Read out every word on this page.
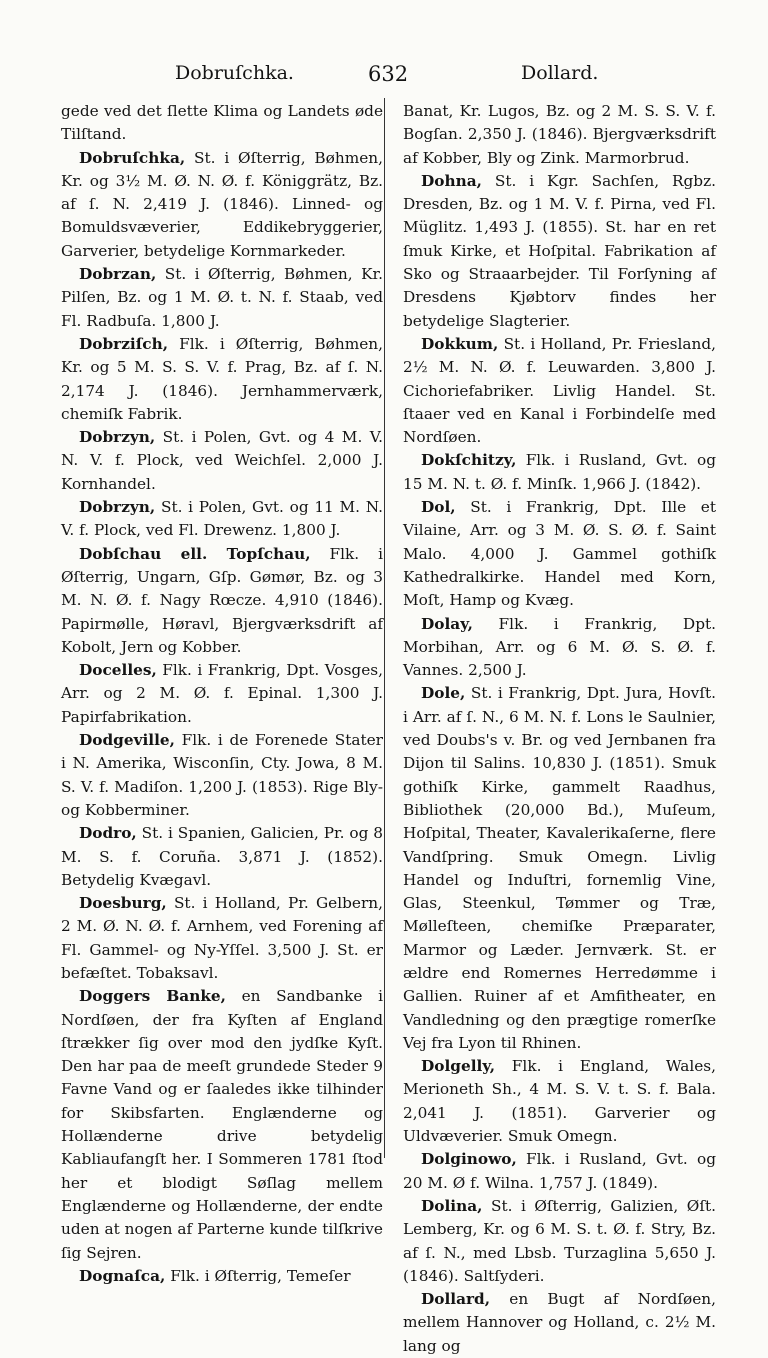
Dobruſchka.	632	Dollard.

gede ved det ſlette Klima og Landets øde Tilſtand.

Dobruſchka, St. i Øſterrig, Bøhmen, Kr. og 3½ M. Ø. N. Ø. f. Königgrätz, Bz. af ſ. N. 2,419 J. (1846). Linned- og Bomuldsvæverier, Eddikebryggerier, Garverier, betydelige Kornmarkeder.

Dobrzan, St. i Øſterrig, Bøhmen, Kr. Pilſen, Bz. og 1 M. Ø. t. N. f. Staab, ved Fl. Radbuſa. 1,800 J.

Dobrziſch, Flk. i Øſterrig, Bøhmen, Kr. og 5 M. S. S. V. f. Prag, Bz. af ſ. N. 2,174 J. (1846). Jernhammerværk, chemiſk Fabrik.

Dobrzyn, St. i Polen, Gvt. og 4 M. V. N. V. f. Plock, ved Weichſel. 2,000 J. Kornhandel.

Dobrzyn, St. i Polen, Gvt. og 11 M. N. V. f. Plock, ved Fl. Drewenz. 1,800 J.

Dobſchau ell. Topſchau, Flk. i Øſterrig, Ungarn, Gſp. Gømør, Bz. og 3 M. N. Ø. f. Nagy Rœcze. 4,910 (1846). Papirmølle, Høravl, Bjergværksdrift af Kobolt, Jern og Kobber.

Docelles, Flk. i Frankrig, Dpt. Vosges, Arr. og 2 M. Ø. f. Epinal. 1,300 J. Papirfabrikation.

Dodgeville, Flk. i de Forenede Stater i N. Amerika, Wisconſin, Cty. Jowa, 8 M. S. V. f. Madiſon. 1,200 J. (1853). Rige Bly- og Kobberminer.

Dodro, St. i Spanien, Galicien, Pr. og 8 M. S. f. Coruña. 3,871 J. (1852). Betydelig Kvægavl.

Doesburg, St. i Holland, Pr. Gelbern, 2 M. Ø. N. Ø. f. Arnhem, ved Forening af Fl. Gammel- og Ny-Yſſel. 3,500 J. St. er befæſtet. Tobaksavl.

Doggers Banke, en Sandbanke i Nordſøen, der fra Kyſten af England ſtrækker ſig over mod den jydſke Kyſt. Den har paa de meeſt grundede Steder 9 Favne Vand og er ſaaledes ikke tilhinder for Skibsfarten. Englænderne og Hollænderne drive betydelig Kabliaufangſt her. I Sommeren 1781 ſtod her et blodigt Søſlag mellem Englænderne og Hollænderne, der endte uden at nogen af Parterne kunde tilſkrive ſig Sejren.

Dognaſca, Flk. i Øſterrig, Temeſer

Banat, Kr. Lugos, Bz. og 2 M. S. S. V. f. Bogſan. 2,350 J. (1846). Bjergværksdrift af Kobber, Bly og Zink. Marmorbrud.

Dohna, St. i Kgr. Sachſen, Rgbz. Dresden, Bz. og 1 M. V. f. Pirna, ved Fl. Müglitz. 1,493 J. (1855). St. har en ret ſmuk Kirke, et Hoſpital. Fabrikation af Sko og Straaarbejder. Til Forſyning af Dresdens Kjøbtorv findes her betydelige Slagterier.

Dokkum, St. i Holland, Pr. Friesland, 2½ M. N. Ø. f. Leuwarden. 3,800 J. Cichoriefabriker. Livlig Handel. St. ſtaaer ved en Kanal i Forbindelſe med Nordſøen.

Dokſchitzy, Flk. i Rusland, Gvt. og 15 M. N. t. Ø. f. Minſk. 1,966 J. (1842).

Dol, St. i Frankrig, Dpt. Ille et Vilaine, Arr. og 3 M. Ø. S. Ø. f. Saint Malo. 4,000 J. Gammel gothiſk Kathedralkirke. Handel med Korn, Moſt, Hamp og Kvæg.

Dolay, Flk. i Frankrig, Dpt. Morbihan, Arr. og 6 M. Ø. S. Ø. f. Vannes. 2,500 J.

Dole, St. i Frankrig, Dpt. Jura, Hovſt. i Arr. af ſ. N., 6 M. N. f. Lons le Saulnier, ved Doubs's v. Br. og ved Jernbanen fra Dijon til Salins. 10,830 J. (1851). Smuk gothiſk Kirke, gammelt Raadhus, Bibliothek (20,000 Bd.), Muſeum, Hoſpital, Theater, Kavalerikaſerne, flere Vandſpring. Smuk Omegn. Livlig Handel og Induſtri, fornemlig Vine, Glas, Steenkul, Tømmer og Træ, Mølleſteen, chemiſke Præparater, Marmor og Læder. Jernværk. St. er ældre end Romernes Herredømme i Gallien. Ruiner af et Amfitheater, en Vandledning og den prægtige romerſke Vej fra Lyon til Rhinen.

Dolgelly, Flk. i England, Wales, Merioneth Sh., 4 M. S. V. t. S. f. Bala. 2,041 J. (1851). Garverier og Uldvæverier. Smuk Omegn.

Dolginowo, Flk. i Rusland, Gvt. og 20 M. Ø f. Wilna. 1,757 J. (1849).

Dolina, St. i Øſterrig, Galizien, Øſt. Lemberg, Kr. og 6 M. S. t. Ø. f. Stry, Bz. af ſ. N., med Lbsb. Turzaglina 5,650 J. (1846). Saltſyderi.

Dollard, en Bugt af Nordſøen, mellem Hannover og Holland, c. 2½ M. lang og
